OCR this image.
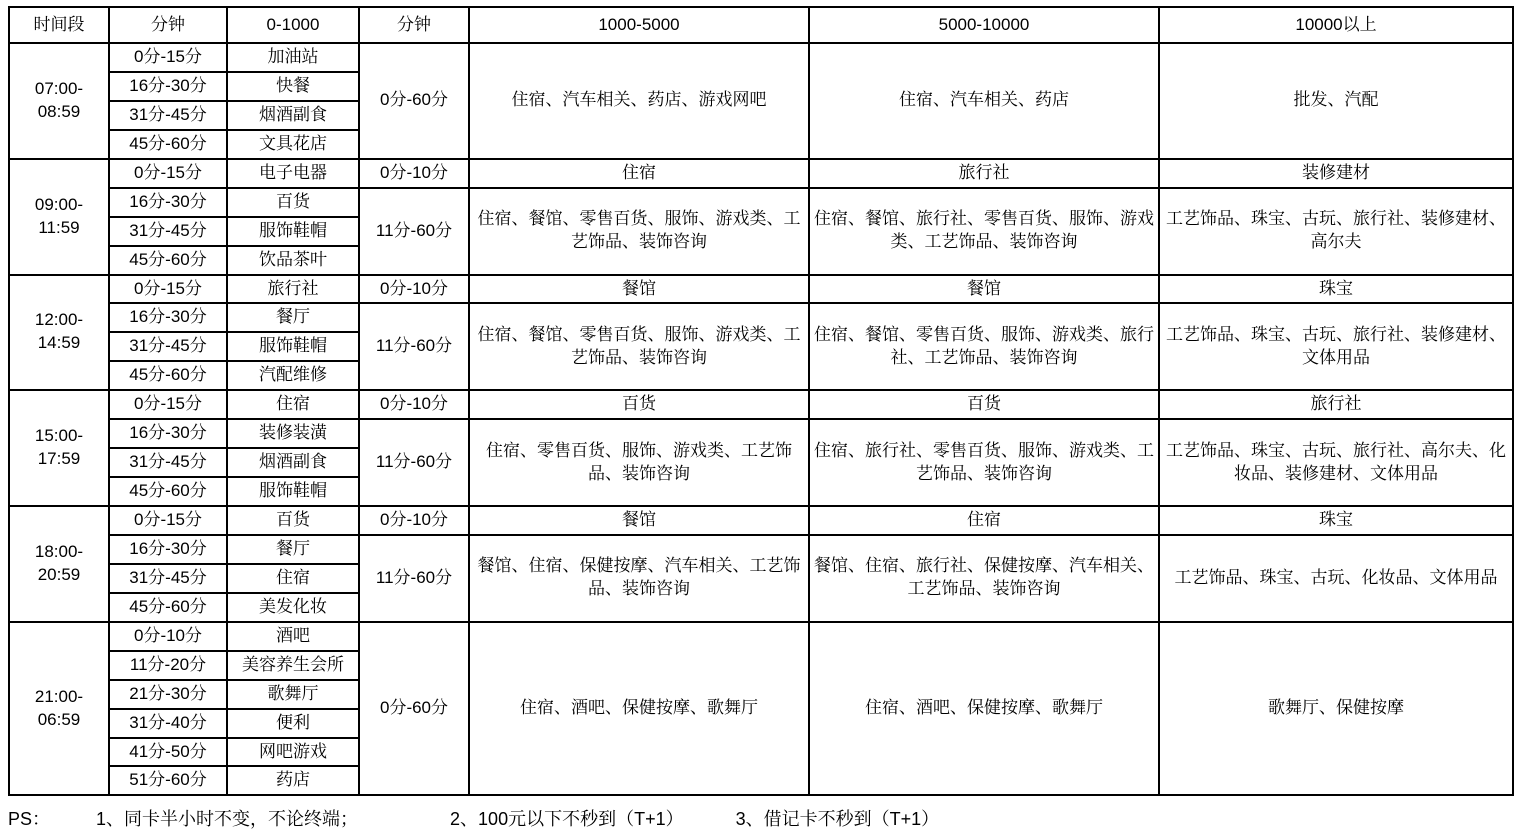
时间段	分钟	0-1000	分钟	1000-5000	5000-10000	10000以上
07:00-
08:59	0分-15分	加油站	0分-60分	住宿、汽车相关、药店、游戏网吧	住宿、汽车相关、药店	批发、汽配
	16分-30分	快餐				
	31分-45分	烟酒副食				
	45分-60分	文具花店				
09:00-
11:59	0分-15分	电子电器	0分-10分	住宿	旅行社	装修建材
	16分-30分	百货	11分-60分	住宿、餐馆、零售百货、服饰、游戏类、工艺饰品、装饰咨询	住宿、餐馆、旅行社、零售百货、服饰、游戏类、工艺饰品、装饰咨询	工艺饰品、珠宝、古玩、旅行社、装修建材、高尔夫
	31分-45分	服饰鞋帽				
	45分-60分	饮品茶叶				
12:00-
14:59	0分-15分	旅行社	0分-10分	餐馆	餐馆	珠宝
	16分-30分	餐厅	11分-60分	住宿、餐馆、零售百货、服饰、游戏类、工艺饰品、装饰咨询	住宿、餐馆、零售百货、服饰、游戏类、旅行社、工艺饰品、装饰咨询	工艺饰品、珠宝、古玩、旅行社、装修建材、文体用品
	31分-45分	服饰鞋帽				
	45分-60分	汽配维修				
15:00-
17:59	0分-15分	住宿	0分-10分	百货	百货	旅行社
	16分-30分	装修装潢	11分-60分	住宿、零售百货、服饰、游戏类、工艺饰品、装饰咨询	住宿、旅行社、零售百货、服饰、游戏类、工艺饰品、装饰咨询	工艺饰品、珠宝、古玩、旅行社、高尔夫、化妆品、装修建材、文体用品
	31分-45分	烟酒副食				
	45分-60分	服饰鞋帽				
18:00-
20:59	0分-15分	百货	0分-10分	餐馆	住宿	珠宝
	16分-30分	餐厅	11分-60分	餐馆、住宿、保健按摩、汽车相关、工艺饰品、装饰咨询	餐馆、住宿、旅行社、保健按摩、汽车相关、工艺饰品、装饰咨询	工艺饰品、珠宝、古玩、化妆品、文体用品
	31分-45分	住宿				
	45分-60分	美发化妆				
21:00-
06:59	0分-10分	酒吧	0分-60分	住宿、酒吧、保健按摩、歌舞厅	住宿、酒吧、保健按摩、歌舞厅	歌舞厅、保健按摩
	11分-20分	美容养生会所				
	21分-30分	歌舞厅				
	31分-40分	便利				
	41分-50分	网吧游戏				
	51分-60分	药店				
PS：	1、同卡半小时不变，不论终端；	2、100元以下不秒到（T+1）	3、借记卡不秒到（T+1）
